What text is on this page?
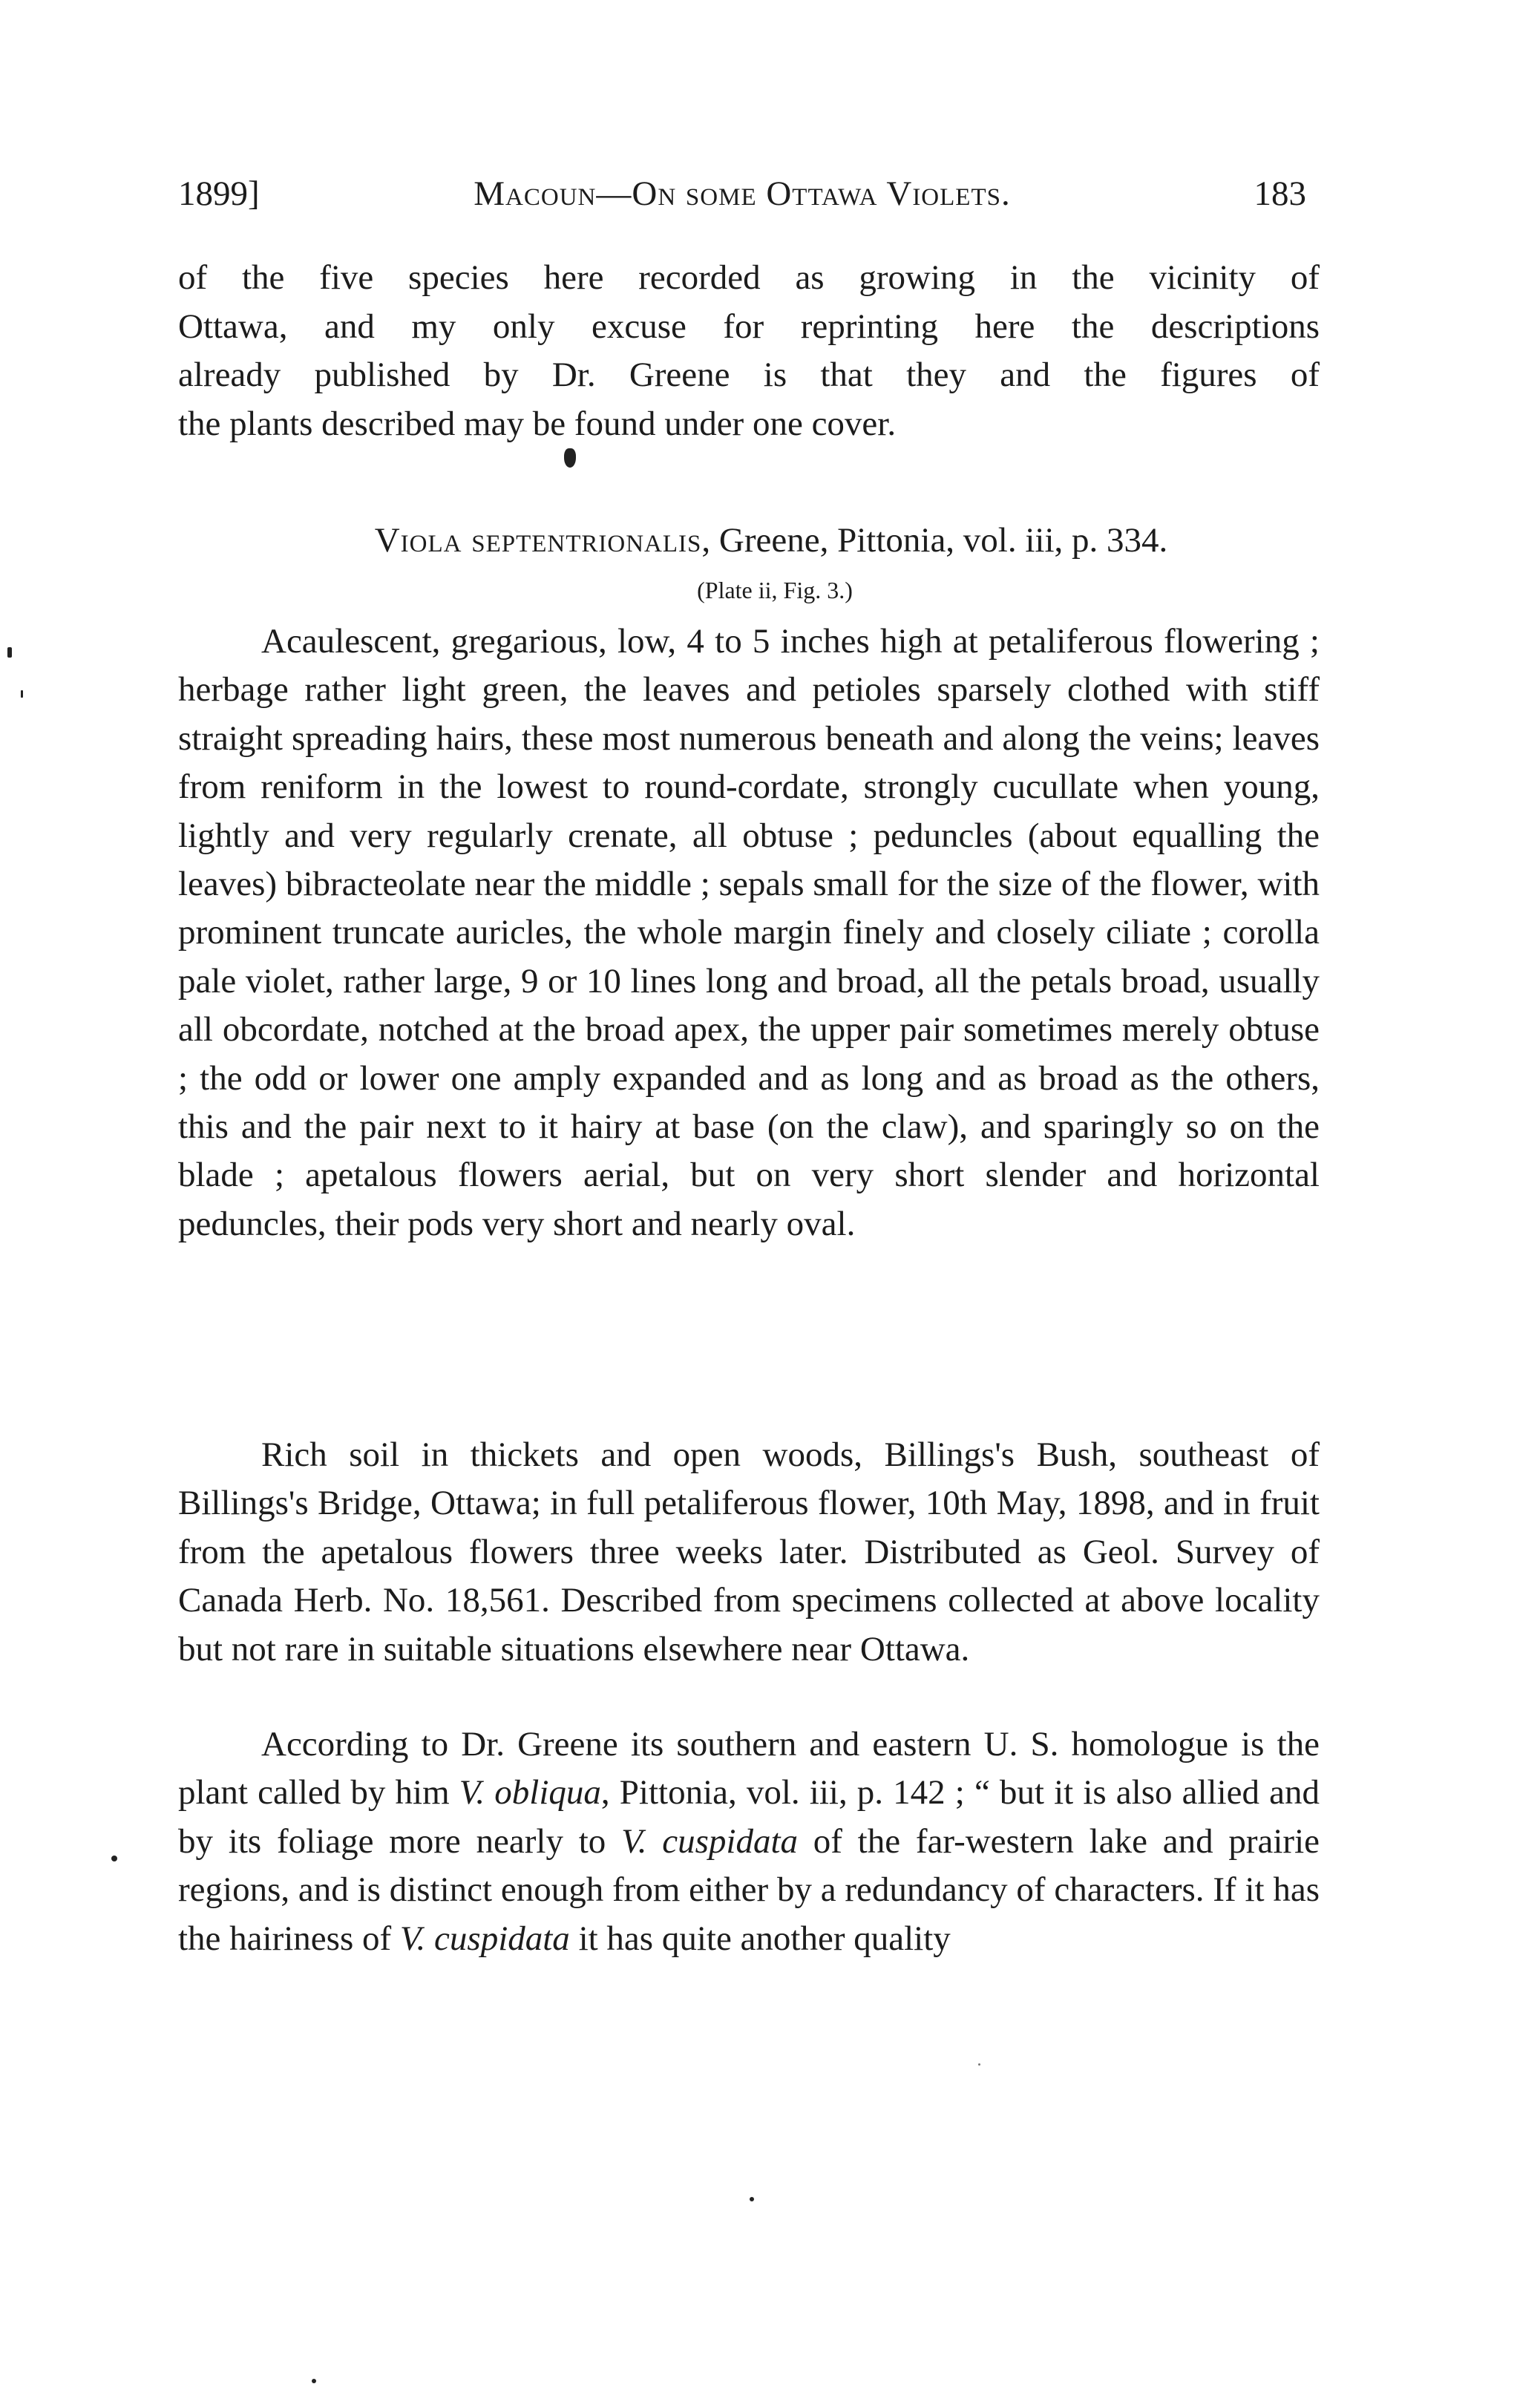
1899]	Macoun—On some Ottawa Violets.	183
of the five species here recorded as growing in the vicinity of
Ottawa, and my only excuse for reprinting here the descriptions
already published by Dr. Greene is that they and the figures of
the plants described may be found under one cover.
Viola septentrionalis, Greene, Pittonia, vol. iii, p. 334.
(Plate ii, Fig. 3.)

Acaulescent, gregarious, low, 4 to 5 inches high at petaliferous flowering ; herbage rather light green, the leaves and petioles sparsely clothed with stiff straight spreading hairs, these most numerous beneath and along the veins; leaves from reniform in the lowest to round-cordate, strongly cucullate when young, lightly and very regularly crenate, all obtuse ; peduncles (about equalling the leaves) bibracteolate near the middle ; sepals small for the size of the flower, with prominent truncate auricles, the whole margin finely and closely ciliate ; corolla pale violet, rather large, 9 or 10 lines long and broad, all the petals broad, usually all obcordate, notched at the broad apex, the upper pair sometimes merely obtuse ; the odd or lower one amply expanded and as long and as broad as the others, this and the pair next to it hairy at base (on the claw), and sparingly so on the blade ; apetalous flowers aerial, but on very short slender and horizontal peduncles, their pods very short and nearly oval.

Rich soil in thickets and open woods, Billings's Bush, southeast of Billings's Bridge, Ottawa; in full petaliferous flower, 10th May, 1898, and in fruit from the apetalous flowers three weeks later. Distributed as Geol. Survey of Canada Herb. No. 18,561. Described from specimens collected at above locality but not rare in suitable situations elsewhere near Ottawa.

According to Dr. Greene its southern and eastern U. S. homologue is the plant called by him V. obliqua, Pittonia, vol. iii, p. 142 ; “ but it is also allied and by its foliage more nearly to V. cuspidata of the far-western lake and prairie regions, and is distinct enough from either by a redundancy of characters. If it has the hairiness of V. cuspidata it has quite another quality
